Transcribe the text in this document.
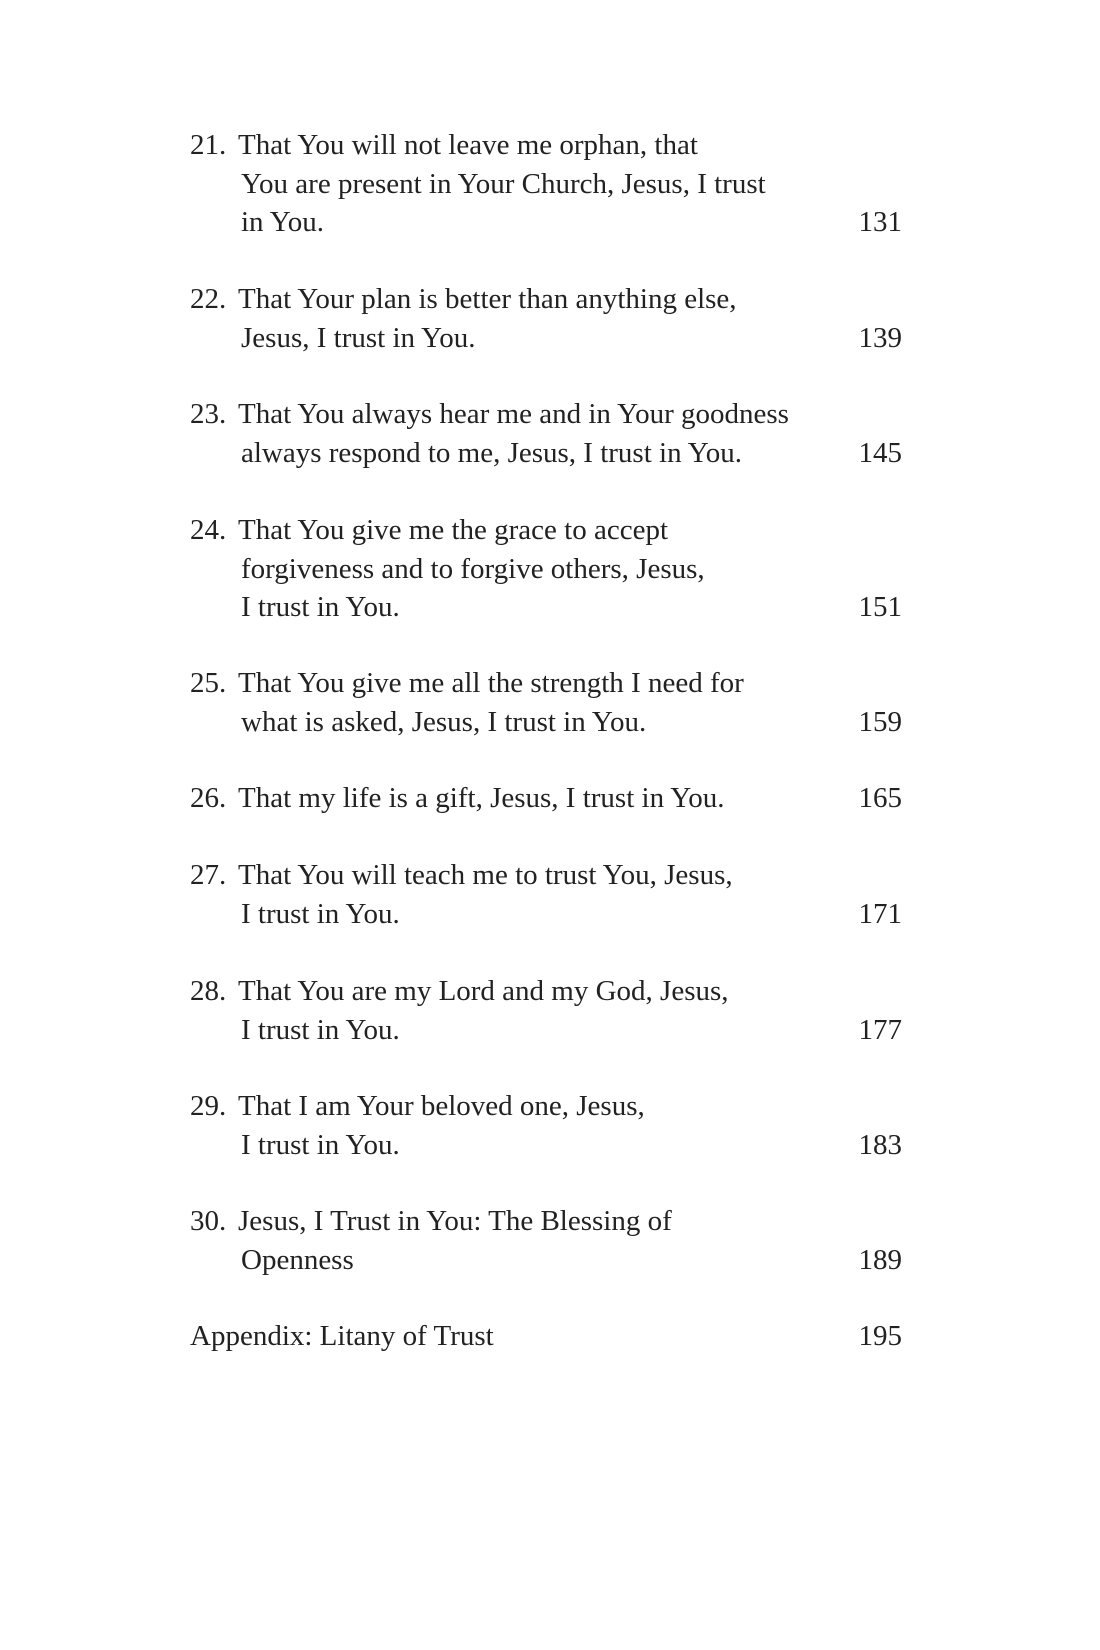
21. That You will not leave me orphan, that
You are present in Your Church, Jesus, I trust
in You.	131
22. That Your plan is better than anything else,
Jesus, I trust in You.	139
23. That You always hear me and in Your goodness
always respond to me, Jesus, I trust in You.	145
24. That You give me the grace to accept
forgiveness and to forgive others, Jesus,
I trust in You.	151
25. That You give me all the strength I need for
what is asked, Jesus, I trust in You.	159
26. That my life is a gift, Jesus, I trust in You.	165
27. That You will teach me to trust You, Jesus,
I trust in You.	171
28. That You are my Lord and my God, Jesus,
I trust in You.	177
29. That I am Your beloved one, Jesus,
I trust in You.	183
30. Jesus, I Trust in You: The Blessing of
Openness	189
Appendix: Litany of Trust	195
